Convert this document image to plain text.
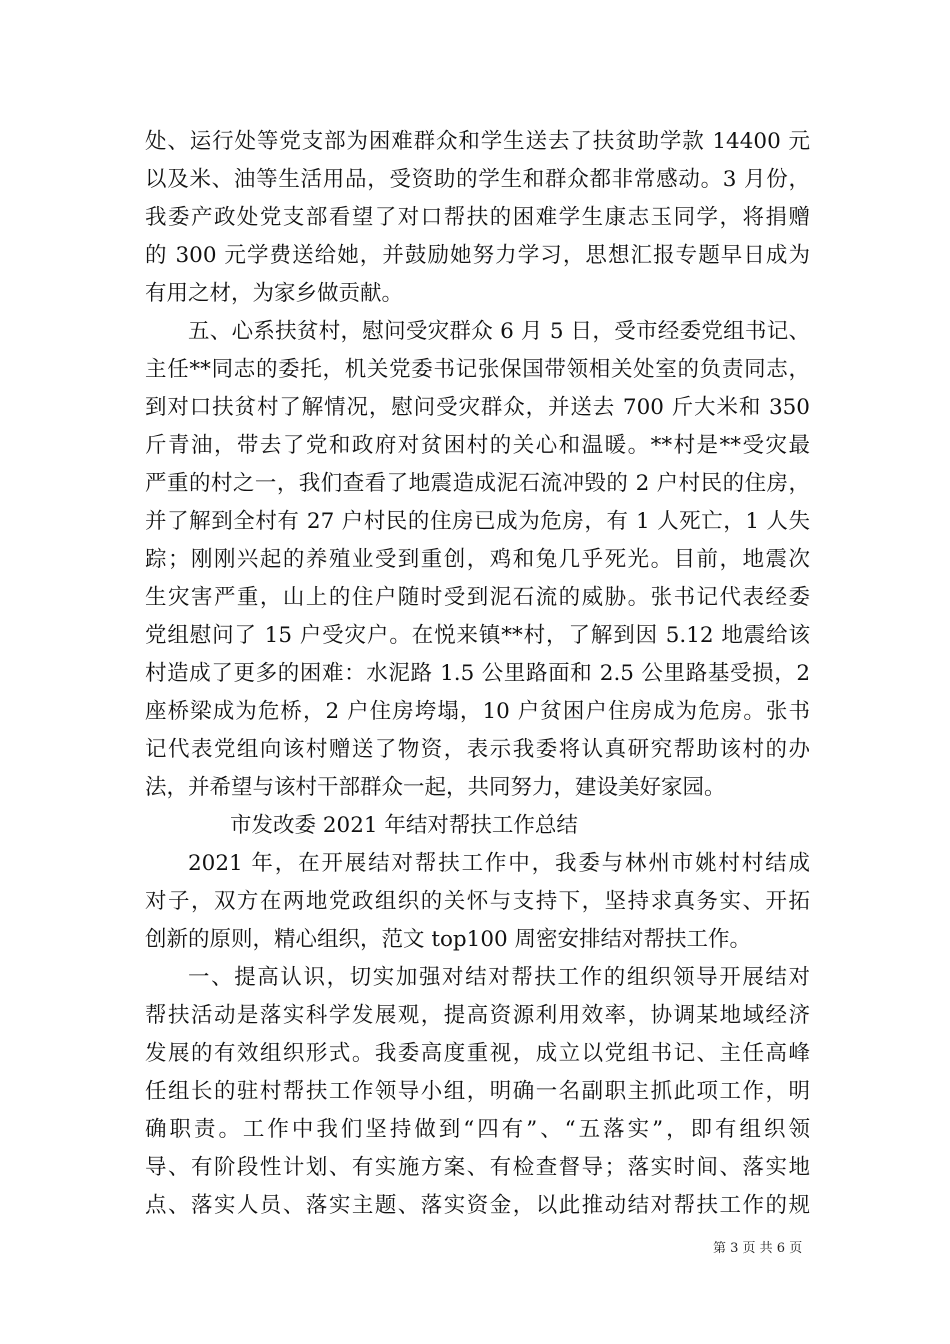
处、运行处等党支部为困难群众和学生送去了扶贫助学款 14400 元
以及米、油等生活用品，受资助的学生和群众都非常感动。3 月份，
我委产政处党支部看望了对口帮扶的困难学生康志玉同学，将捐赠
的 300 元学费送给她，并鼓励她努力学习，思想汇报专题早日成为
有用之材，为家乡做贡献。
五、心系扶贫村，慰问受灾群众 6 月 5 日，受市经委党组书记、
主任**同志的委托，机关党委书记张保国带领相关处室的负责同志，
到对口扶贫村了解情况，慰问受灾群众，并送去 700 斤大米和 350
斤青油，带去了党和政府对贫困村的关心和温暖。**村是**受灾最
严重的村之一，我们查看了地震造成泥石流冲毁的 2 户村民的住房，
并了解到全村有 27 户村民的住房已成为危房，有 1 人死亡，1 人失
踪；刚刚兴起的养殖业受到重创，鸡和兔几乎死光。目前，地震次
生灾害严重，山上的住户随时受到泥石流的威胁。张书记代表经委
党组慰问了 15 户受灾户。在悦来镇**村，了解到因 5.12 地震给该
村造成了更多的困难：水泥路 1.5 公里路面和 2.5 公里路基受损，2
座桥梁成为危桥，2 户住房垮塌，10 户贫困户住房成为危房。张书
记代表党组向该村赠送了物资，表示我委将认真研究帮助该村的办
法，并希望与该村干部群众一起，共同努力，建设美好家园。
市发改委 2021 年结对帮扶工作总结
2021 年，在开展结对帮扶工作中，我委与林州市姚村村结成
对子，双方在两地党政组织的关怀与支持下，坚持求真务实、开拓
创新的原则，精心组织，范文 top100 周密安排结对帮扶工作。
一、提高认识，切实加强对结对帮扶工作的组织领导开展结对
帮扶活动是落实科学发展观，提高资源利用效率，协调某地域经济
发展的有效组织形式。我委高度重视，成立以党组书记、主任高峰
任组长的驻村帮扶工作领导小组，明确一名副职主抓此项工作，明
确职责。工作中我们坚持做到“四有”、“五落实”，即有组织领
导、有阶段性计划、有实施方案、有检查督导；落实时间、落实地
点、落实人员、落实主题、落实资金，以此推动结对帮扶工作的规
第 3 页 共 6 页
